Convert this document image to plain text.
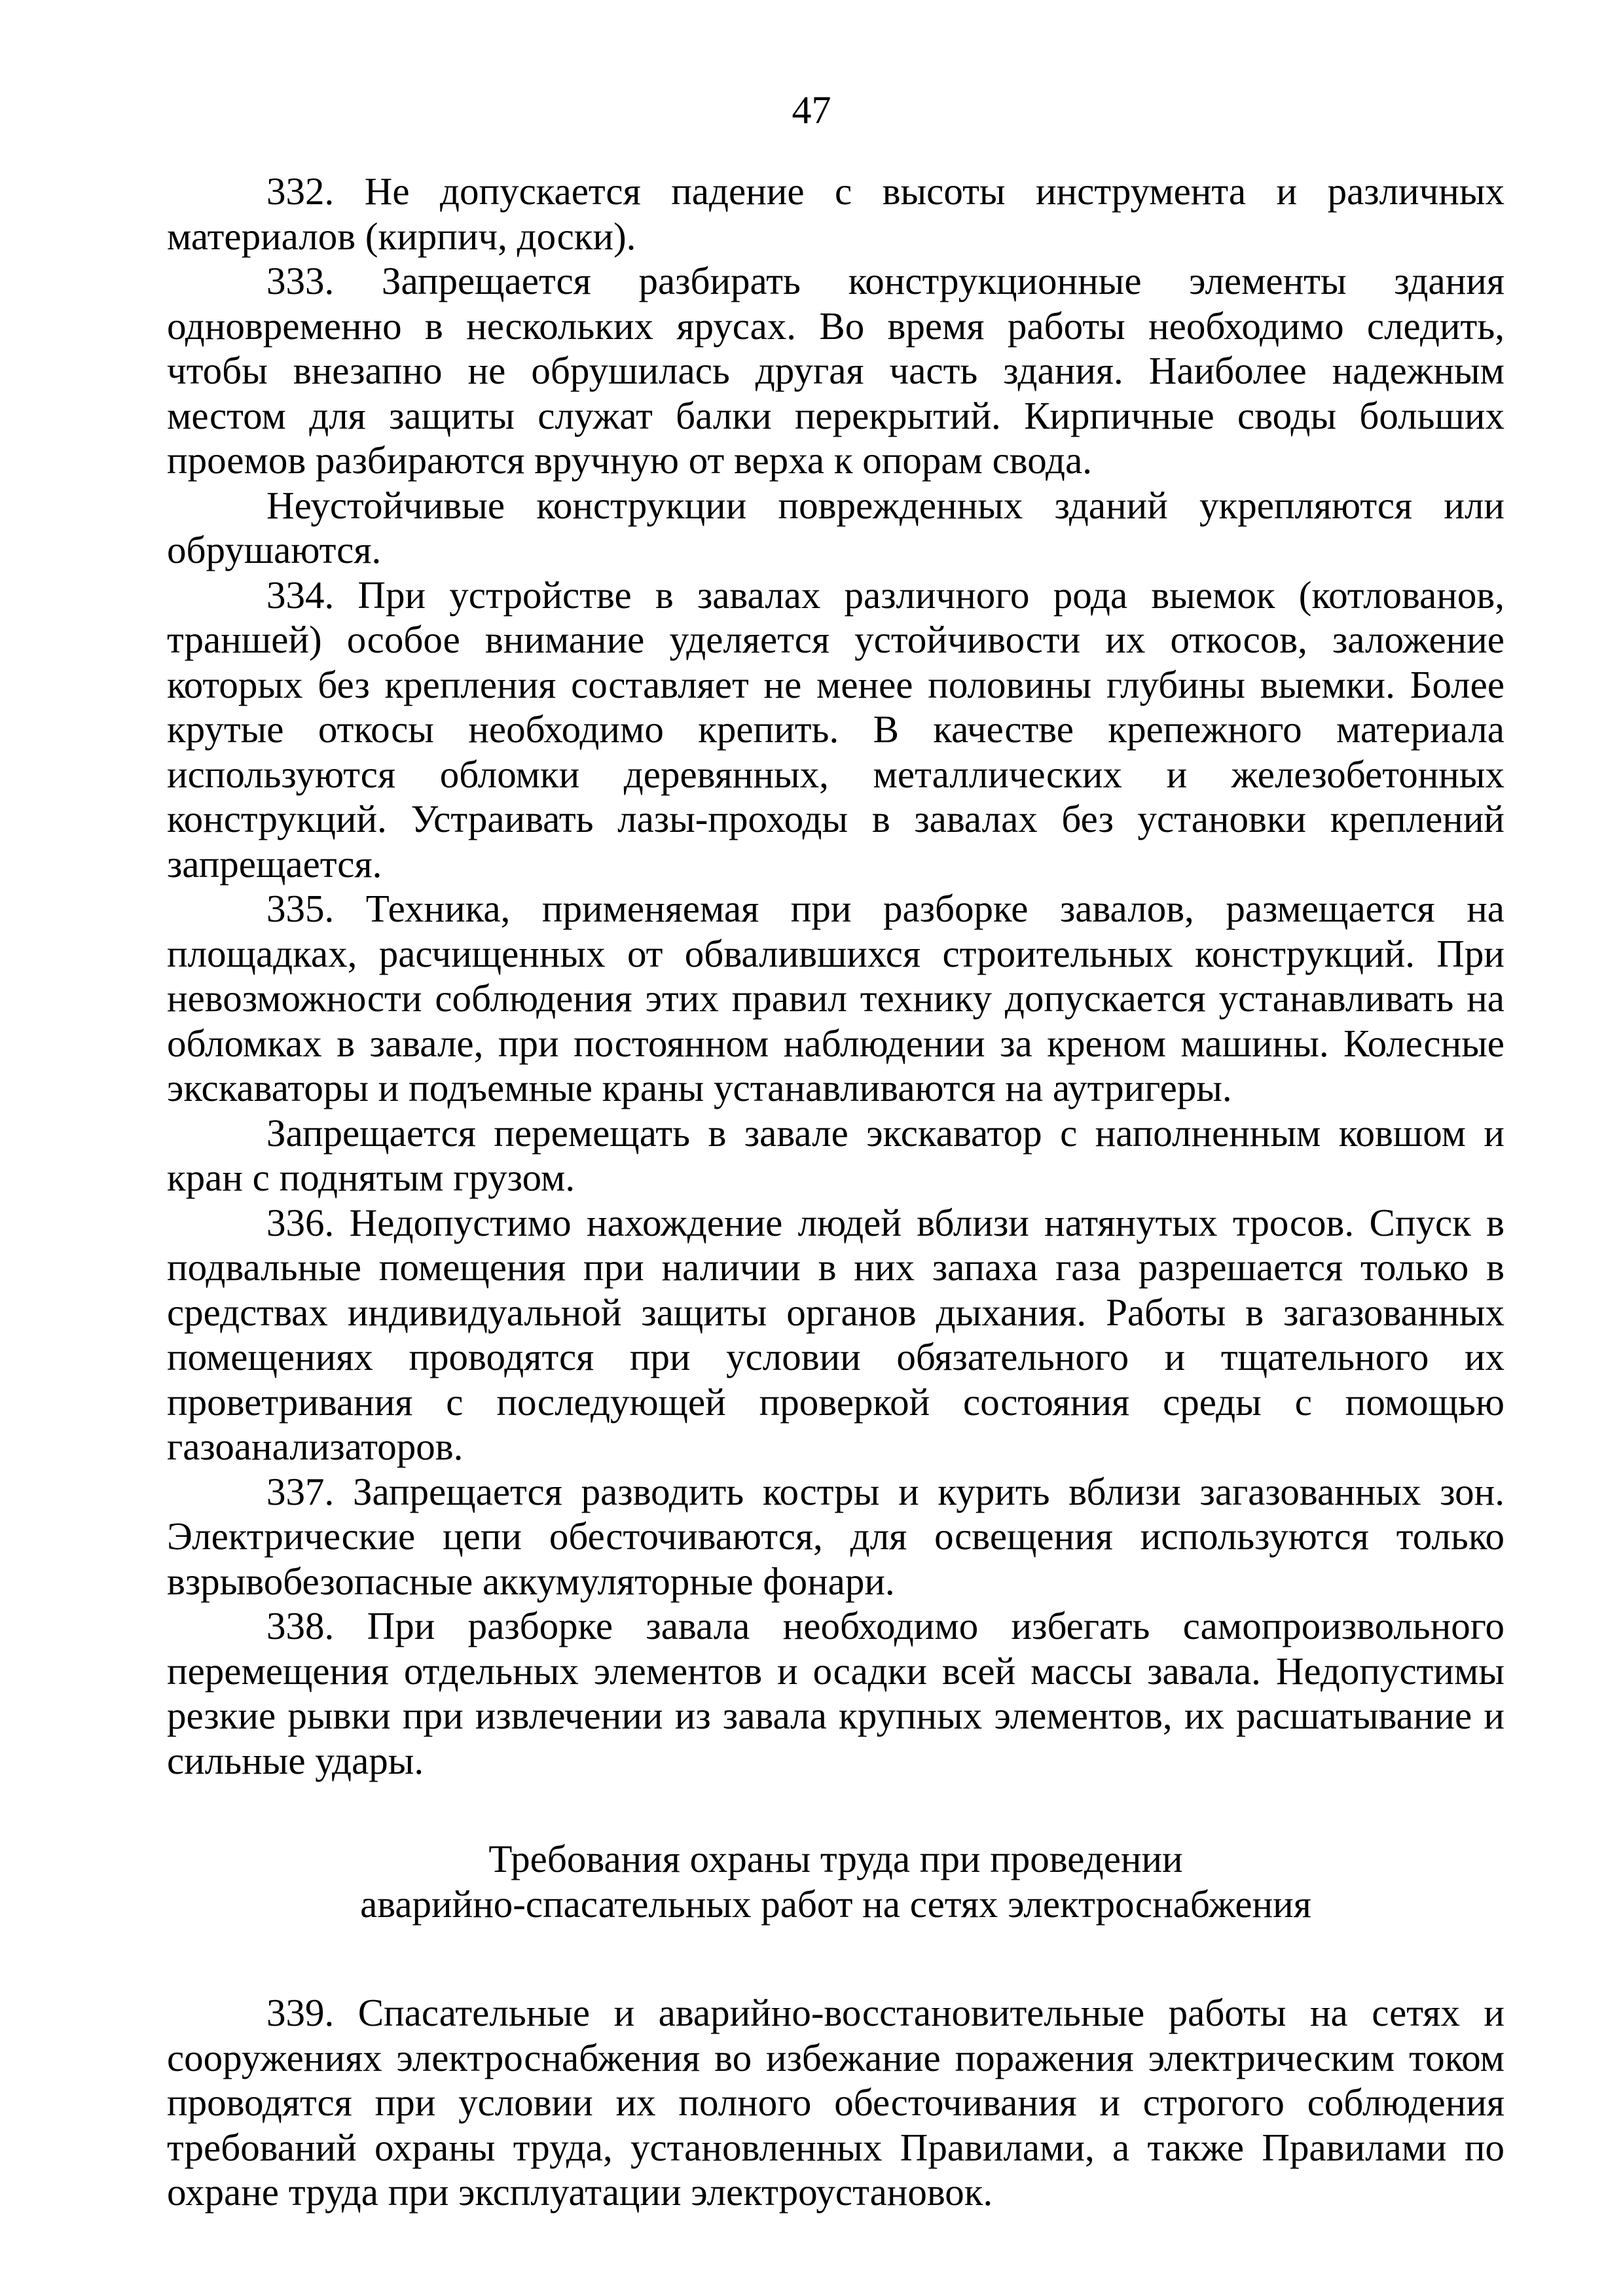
47

332. Не допускается падение с высоты инструмента и различных материалов (кирпич, доски).

333. Запрещается разбирать конструкционные элементы здания одновременно в нескольких ярусах. Во время работы необходимо следить, чтобы внезапно не обрушилась другая часть здания. Наиболее надежным местом для защиты служат балки перекрытий. Кирпичные своды больших проемов разбираются вручную от верха к опорам свода.

Неустойчивые конструкции поврежденных зданий укрепляются или обрушаются.

334. При устройстве в завалах различного рода выемок (котлованов, траншей) особое внимание уделяется устойчивости их откосов, заложение которых без крепления составляет не менее половины глубины выемки. Более крутые откосы необходимо крепить. В качестве крепежного материала используются обломки деревянных, металлических и железобетонных конструкций. Устраивать лазы-проходы в завалах без установки креплений запрещается.

335. Техника, применяемая при разборке завалов, размещается на площадках, расчищенных от обвалившихся строительных конструкций. При невозможности соблюдения этих правил технику допускается устанавливать на обломках в завале, при постоянном наблюдении за креном машины. Колесные экскаваторы и подъемные краны устанавливаются на аутригеры.

Запрещается перемещать в завале экскаватор с наполненным ковшом и кран с поднятым грузом.

336. Недопустимо нахождение людей вблизи натянутых тросов. Спуск в подвальные помещения при наличии в них запаха газа разрешается только в средствах индивидуальной защиты органов дыхания. Работы в загазованных помещениях проводятся при условии обязательного и тщательного их проветривания с последующей проверкой состояния среды с помощью газоанализаторов.

337. Запрещается разводить костры и курить вблизи загазованных зон. Электрические цепи обесточиваются, для освещения используются только взрывобезопасные аккумуляторные фонари.

338. При разборке завала необходимо избегать самопроизвольного перемещения отдельных элементов и осадки всей массы завала. Недопустимы резкие рывки при извлечении из завала крупных элементов, их расшатывание и сильные удары.

Требования охраны труда при проведении
аварийно-спасательных работ на сетях электроснабжения

339. Спасательные и аварийно-восстановительные работы на сетях и сооружениях электроснабжения во избежание поражения электрическим током проводятся при условии их полного обесточивания и строгого соблюдения требований охраны труда, установленных Правилами, а также Правилами по охране труда при эксплуатации электроустановок.
